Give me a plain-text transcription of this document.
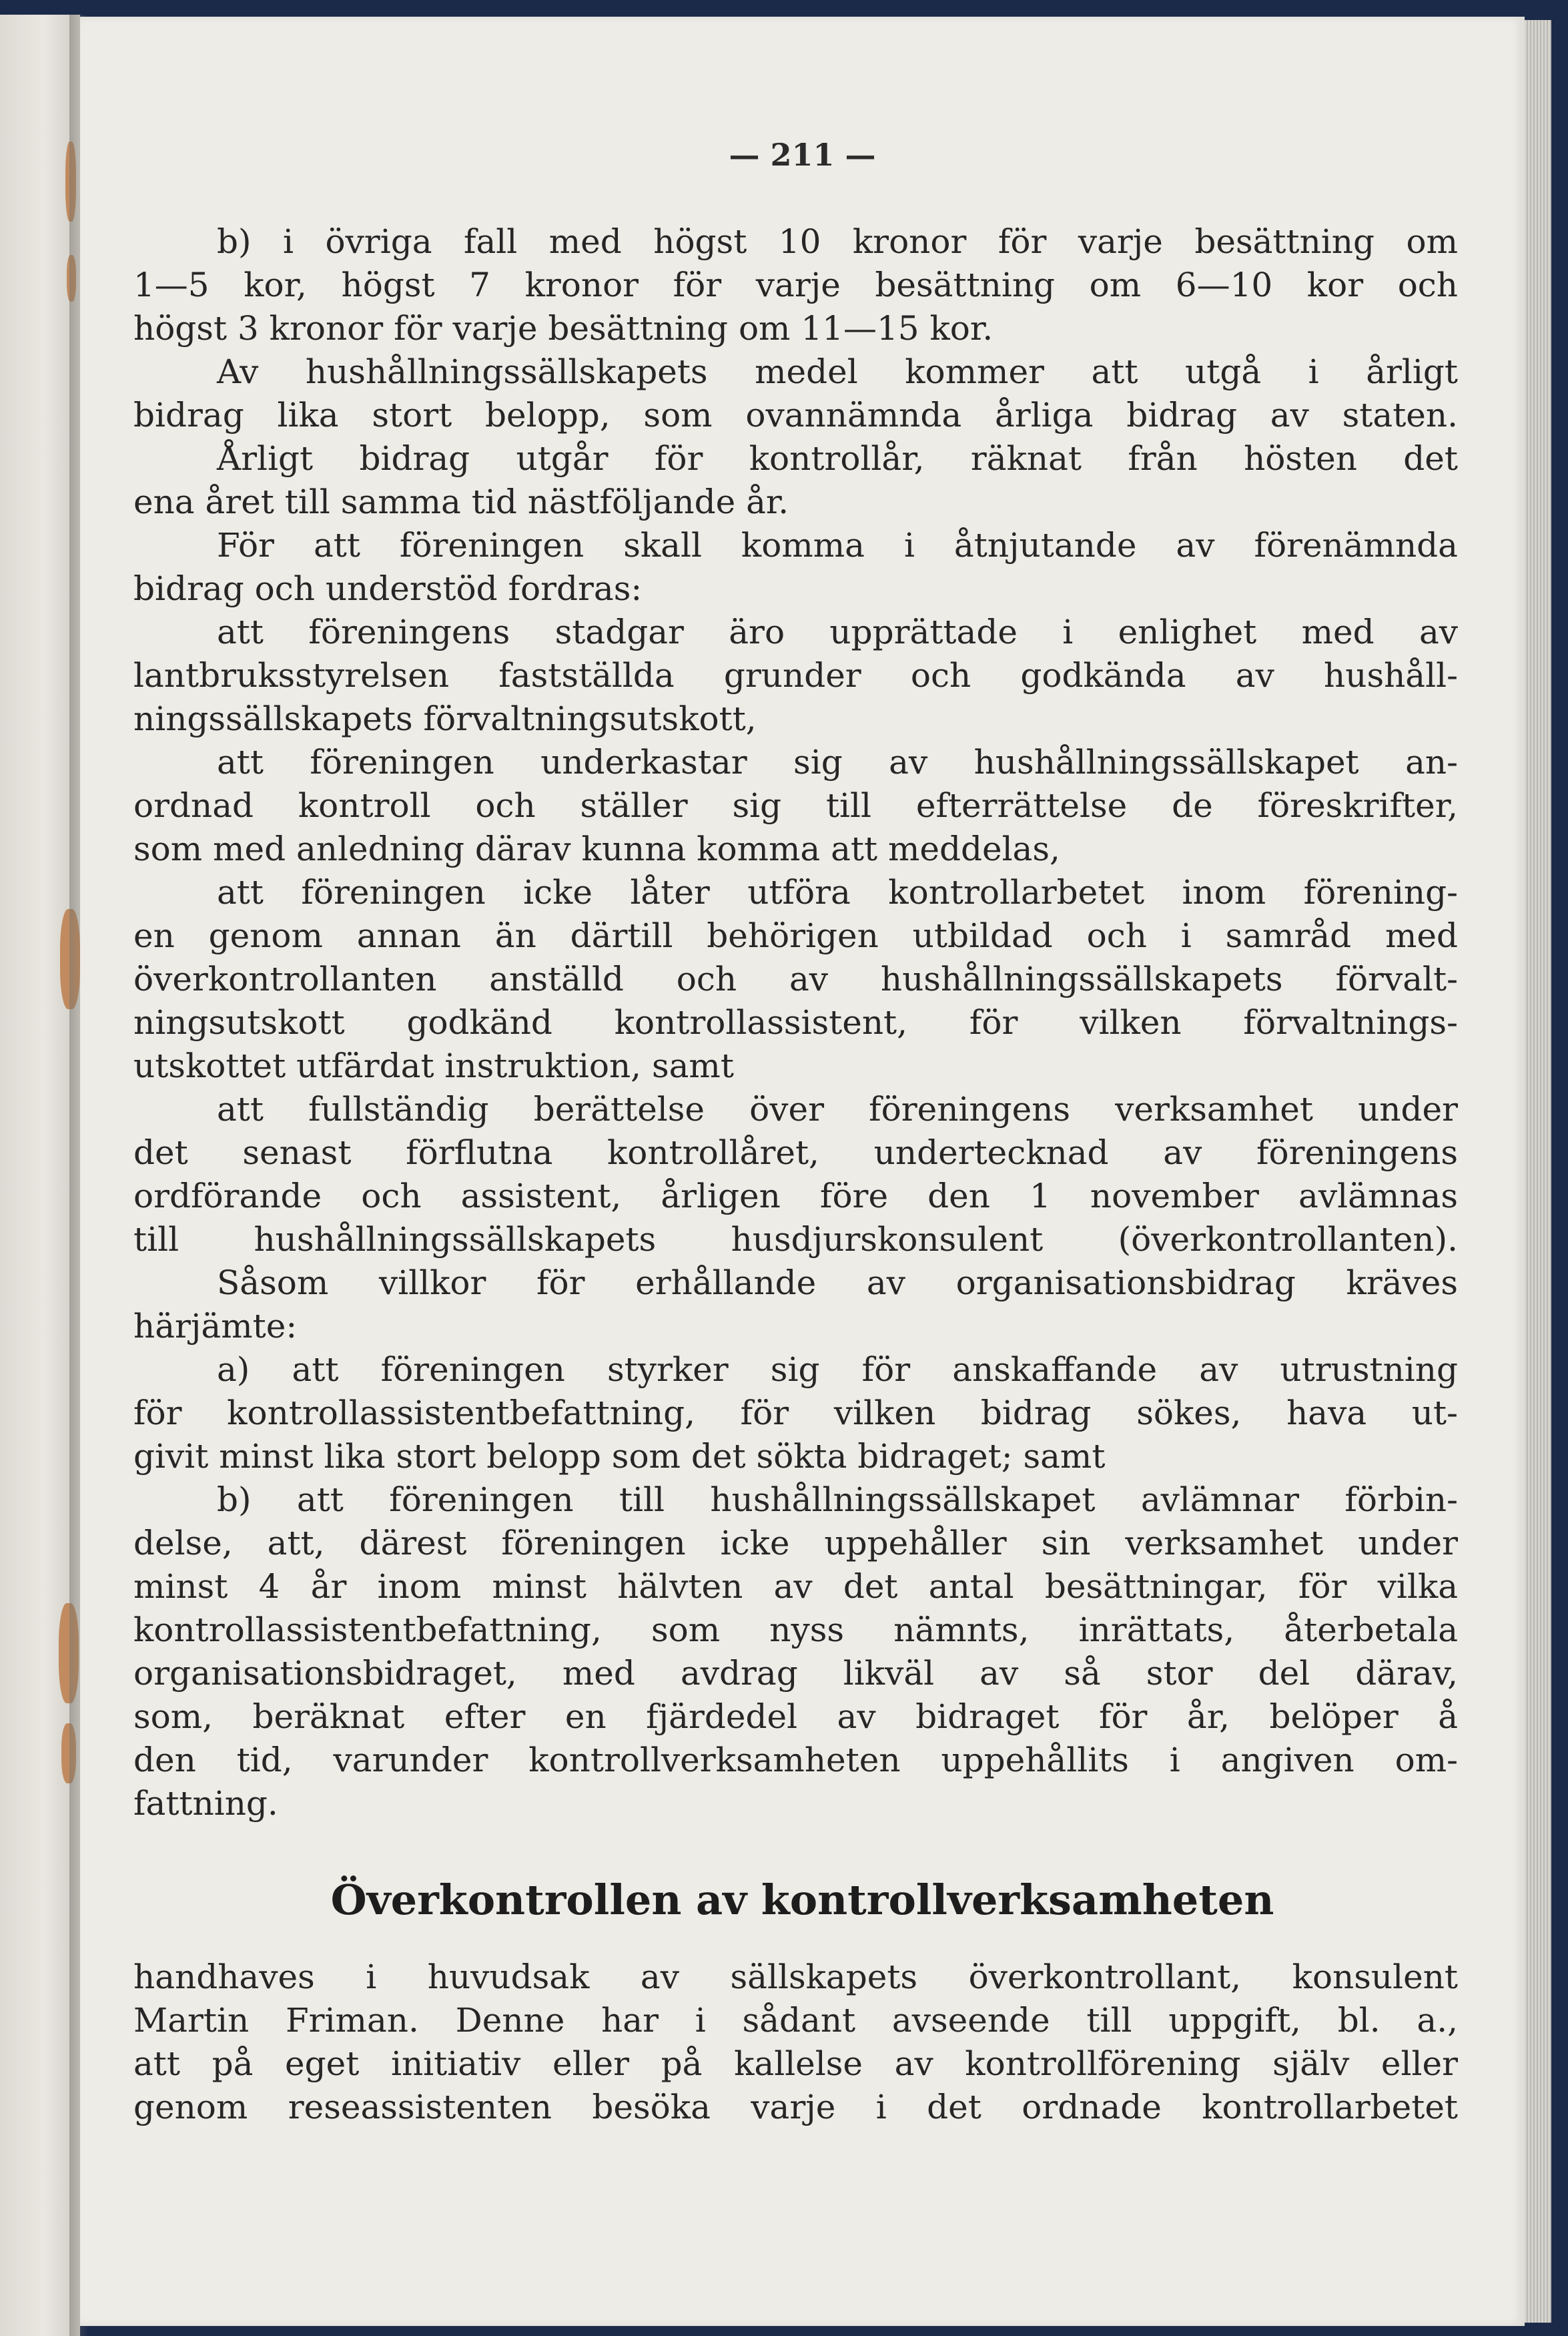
— 211 —
b) i övriga fall med högst 10 kronor för varje besättning om
1—5 kor, högst 7 kronor för varje besättning om 6—10 kor och
högst 3 kronor för varje besättning om 11—15 kor.
Av hushållningssällskapets medel kommer att utgå i årligt
bidrag lika stort belopp, som ovannämnda årliga bidrag av staten.
Årligt bidrag utgår för kontrollår, räknat från hösten det
ena året till samma tid nästföljande år.
För att föreningen skall komma i åtnjutande av förenämnda
bidrag och understöd fordras:
att föreningens stadgar äro upprättade i enlighet med av
lantbruksstyrelsen fastställda grunder och godkända av hushåll-
ningssällskapets förvaltningsutskott,
att föreningen underkastar sig av hushållningssällskapet an-
ordnad kontroll och ställer sig till efterrättelse de föreskrifter,
som med anledning därav kunna komma att meddelas,
att föreningen icke låter utföra kontrollarbetet inom förening-
en genom annan än därtill behörigen utbildad och i samråd med
överkontrollanten anställd och av hushållningssällskapets förvalt-
ningsutskott godkänd kontrollassistent, för vilken förvaltnings-
utskottet utfärdat instruktion, samt
att fullständig berättelse över föreningens verksamhet under
det senast förflutna kontrollåret, undertecknad av föreningens
ordförande och assistent, årligen före den 1 november avlämnas
till hushållningssällskapets husdjurskonsulent (överkontrollanten).
Såsom villkor för erhållande av organisationsbidrag kräves
härjämte:
a) att föreningen styrker sig för anskaffande av utrustning
för kontrollassistentbefattning, för vilken bidrag sökes, hava ut-
givit minst lika stort belopp som det sökta bidraget; samt
b) att föreningen till hushållningssällskapet avlämnar förbin-
delse, att, därest föreningen icke uppehåller sin verksamhet under
minst 4 år inom minst hälvten av det antal besättningar, för vilka
kontrollassistentbefattning, som nyss nämnts, inrättats, återbetala
organisationsbidraget, med avdrag likväl av så stor del därav,
som, beräknat efter en fjärdedel av bidraget för år, belöper å
den tid, varunder kontrollverksamheten uppehållits i angiven om-
fattning.
Överkontrollen av kontrollverksamheten
handhaves i huvudsak av sällskapets överkontrollant, konsulent
Martin Friman. Denne har i sådant avseende till uppgift, bl. a.,
att på eget initiativ eller på kallelse av kontrollförening själv eller
genom reseassistenten besöka varje i det ordnade kontrollarbetet
